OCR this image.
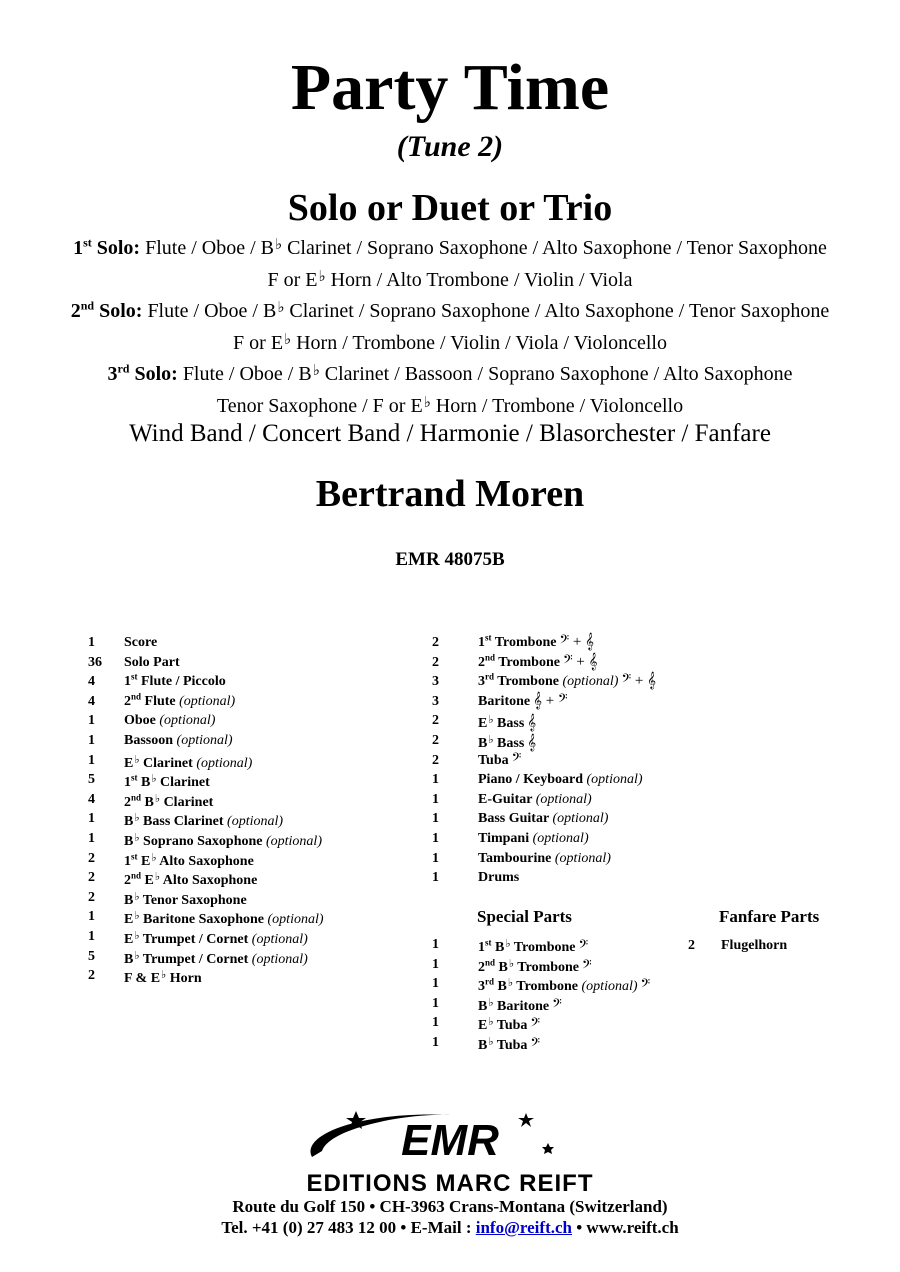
Party Time
(Tune 2)
Solo or Duet or Trio
1st Solo: Flute / Oboe / B♭ Clarinet / Soprano Saxophone / Alto Saxophone / Tenor Saxophone
F or E♭ Horn / Alto Trombone / Violin / Viola
2nd Solo: Flute / Oboe / B♭ Clarinet / Soprano Saxophone / Alto Saxophone / Tenor Saxophone
F or E♭ Horn / Trombone / Violin / Viola / Violoncello
3rd Solo: Flute / Oboe / B♭ Clarinet / Bassoon / Soprano Saxophone / Alto Saxophone
Tenor Saxophone / F or E♭ Horn / Trombone / Violoncello
Wind Band / Concert Band / Harmonie / Blasorchester / Fanfare
Bertrand Moren
EMR 48075B
1 Score
36 Solo Part
4 1st Flute / Piccolo
4 2nd Flute (optional)
1 Oboe (optional)
1 Bassoon (optional)
1 E♭ Clarinet (optional)
5 1st B♭ Clarinet
4 2nd B♭ Clarinet
1 B♭ Bass Clarinet (optional)
1 B♭ Soprano Saxophone (optional)
2 1st E♭ Alto Saxophone
2 2nd E♭ Alto Saxophone
2 B♭ Tenor Saxophone
1 E♭ Baritone Saxophone (optional)
1 E♭ Trumpet / Cornet (optional)
5 B♭ Trumpet / Cornet (optional)
2 F & E♭ Horn
2	1st Trombone 𝄢 + 𝄞
2	2nd Trombone 𝄢 + 𝄞
3	3rd Trombone (optional) 𝄢 + 𝄞
3	Baritone 𝄞 + 𝄢
2	E♭ Bass 𝄞
2	B♭ Bass 𝄞
2	Tuba 𝄢
1	Piano / Keyboard (optional)
1	E-Guitar (optional)
1	Bass Guitar (optional)
1	Timpani (optional)
1	Tambourine (optional)
1	Drums
Special Parts	Fanfare Parts
1	1st B♭ Trombone 𝄢
1	2nd B♭ Trombone 𝄢
1	3rd B♭ Trombone (optional) 𝄢
1	B♭ Baritone 𝄢
1	E♭ Tuba 𝄢
1	B♭ Tuba 𝄢
2 Flugelhorn
EMR
EDITIONS MARC REIFT
Route du Golf 150 • CH-3963 Crans-Montana (Switzerland)
Tel. +41 (0) 27 483 12 00 • E-Mail : info@reift.ch • www.reift.ch
